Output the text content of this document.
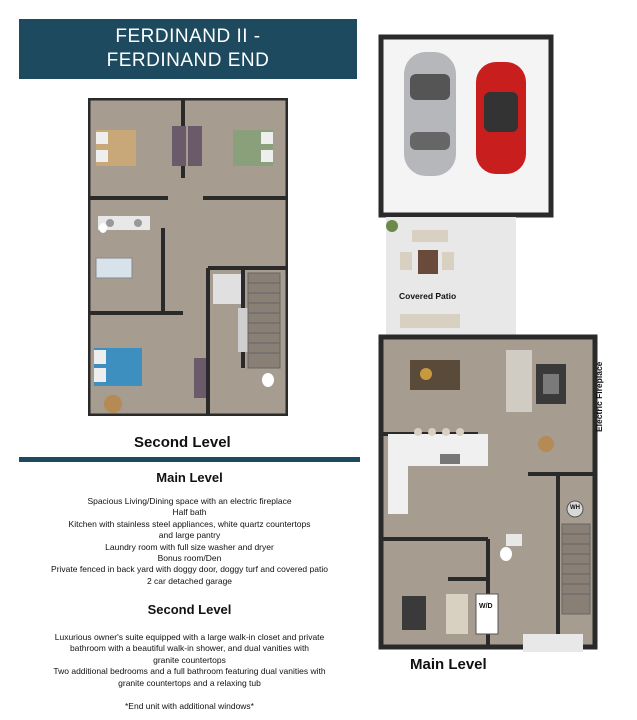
FERDINAND II -
FERDINAND END
Second Level
Covered Patio
Electric Fireplace
W/D
WH
Main Level
Main Level
Spacious Living/Dining space with an electric fireplace
Half bath
Kitchen with stainless steel appliances, white quartz countertops
and large pantry
Laundry room with full size washer and dryer
Bonus room/Den
Private fenced in back yard with doggy door, doggy turf and covered patio
2 car detached garage
Second Level
Luxurious owner's suite equipped with a large walk-in closet and private
bathroom with a beautiful walk-in shower, and dual vanities with
granite countertops
Two additional bedrooms and a full bathroom featuring dual vanities with
granite countertops and a relaxing tub
*End unit with additional windows*
